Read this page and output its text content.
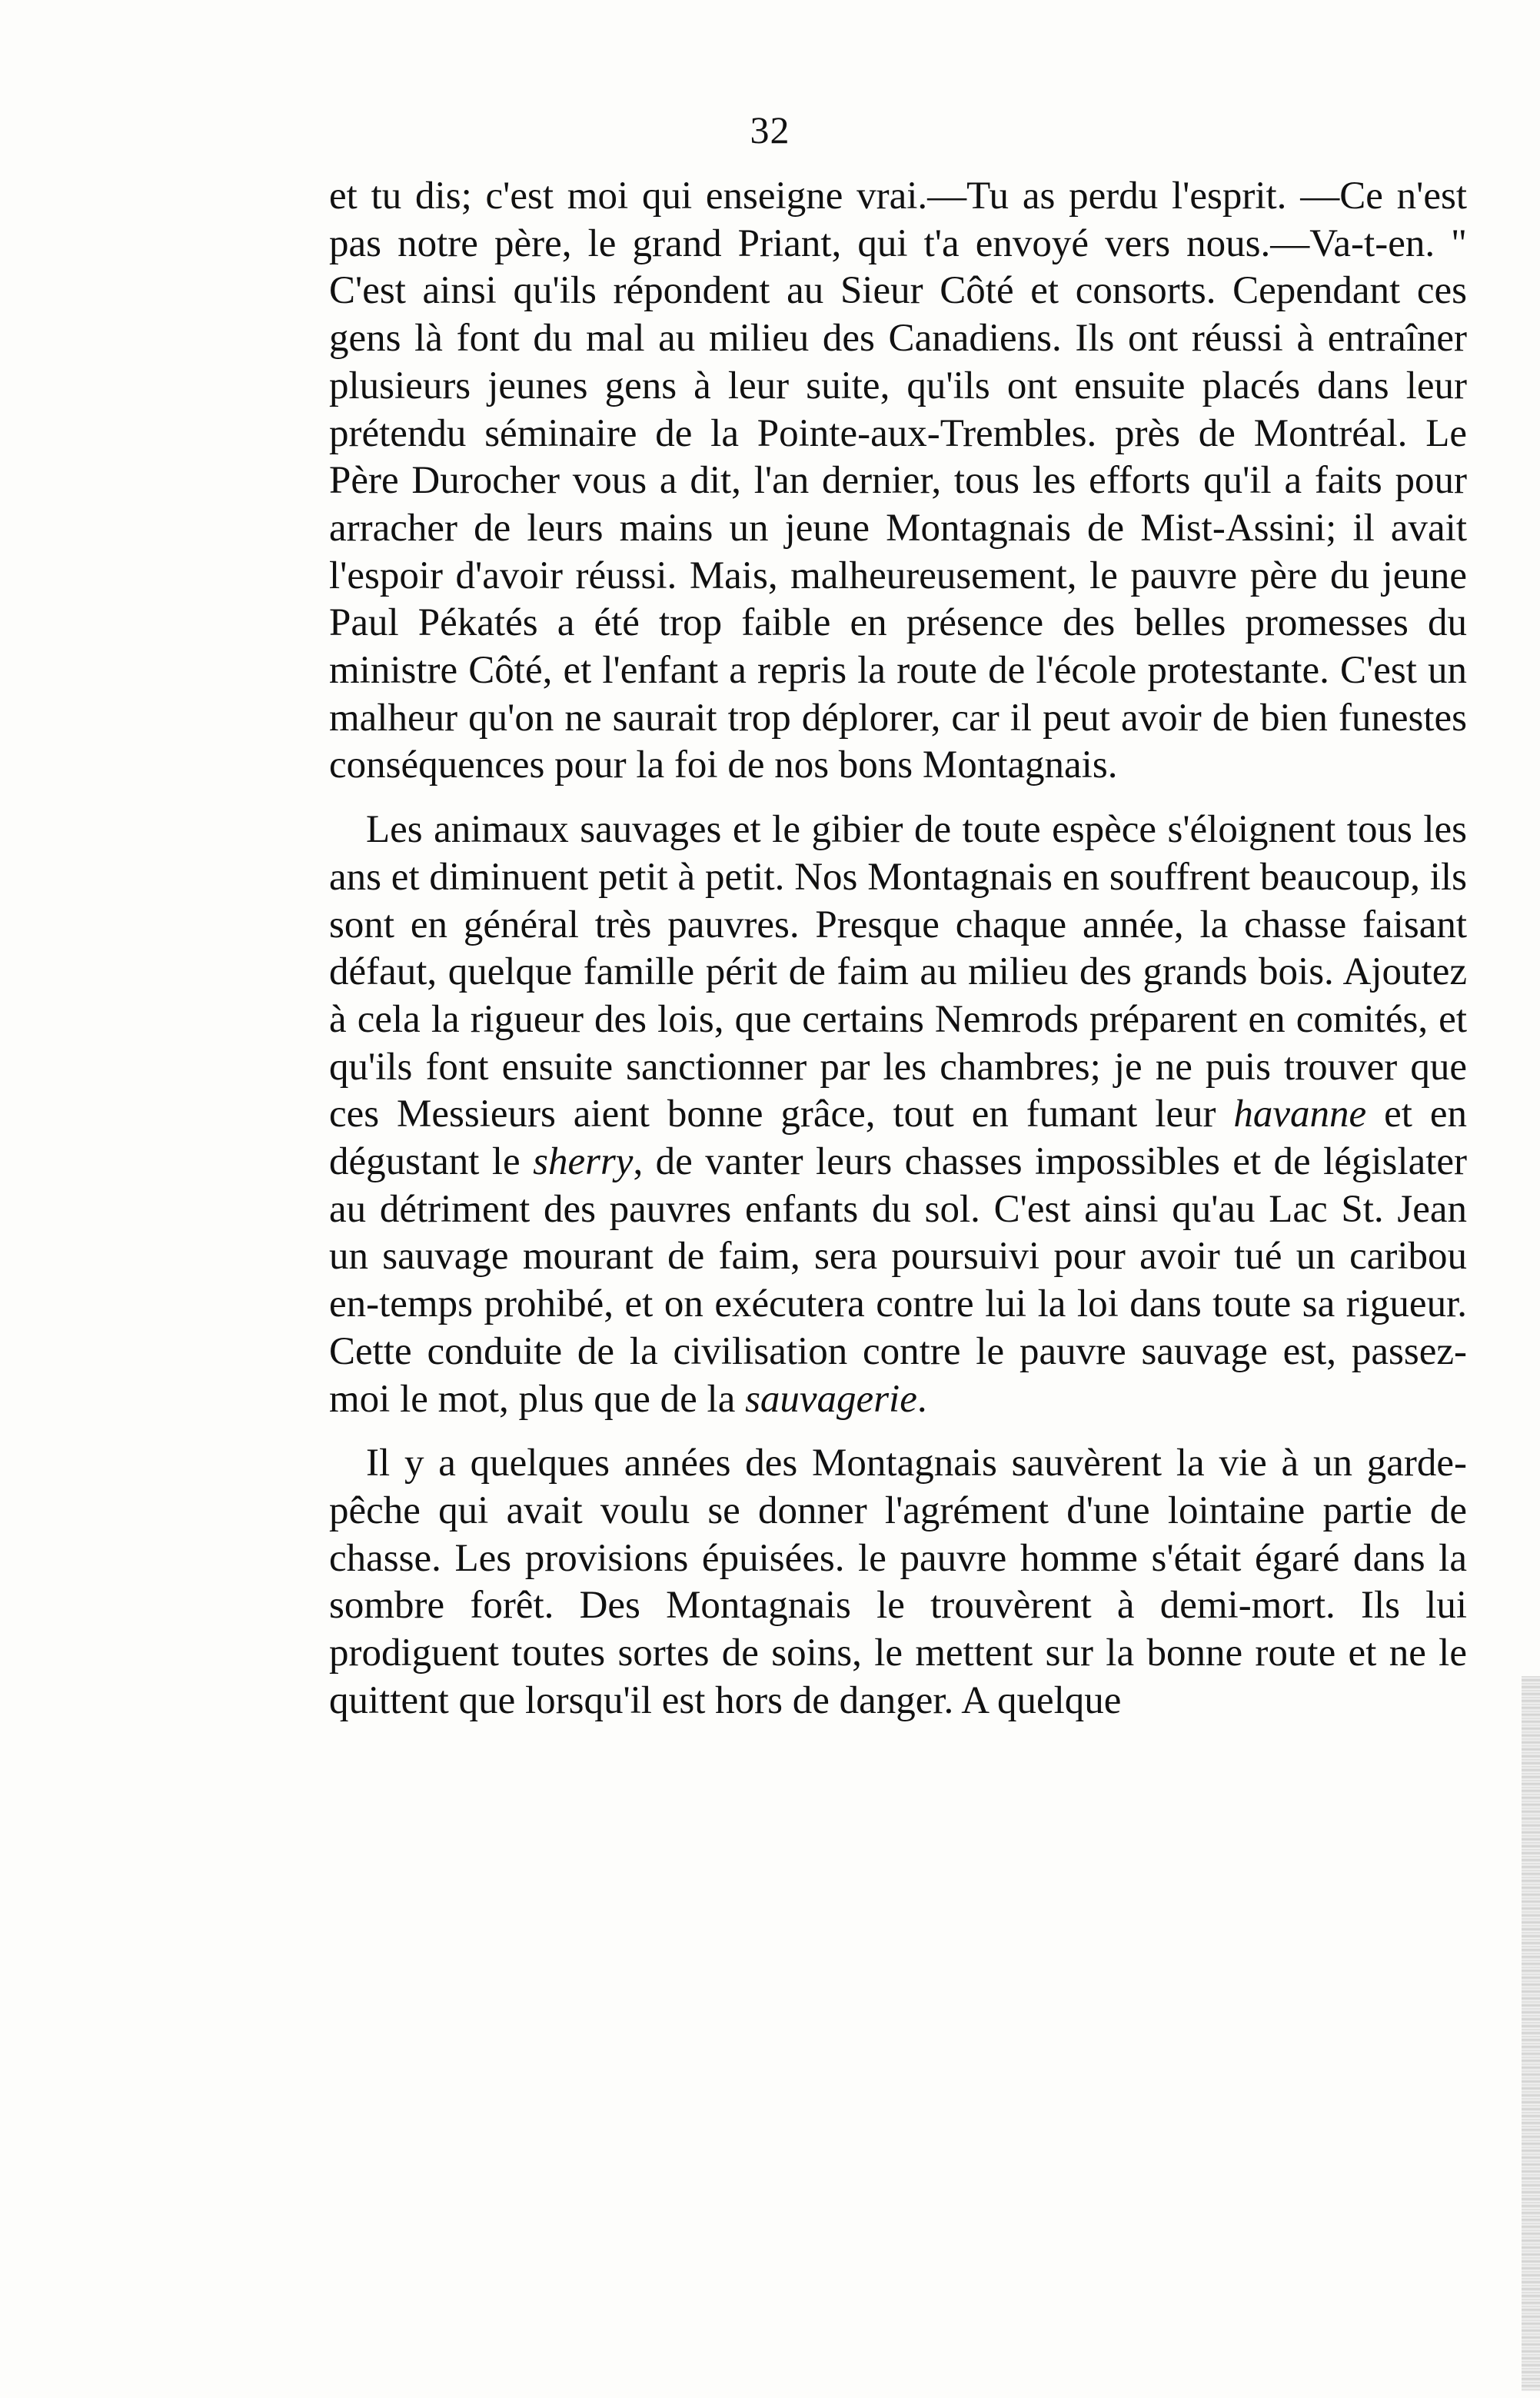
32

et tu dis; c'est moi qui enseigne vrai.—Tu as perdu l'esprit. —Ce n'est pas notre père, le grand Priant, qui t'a envoyé vers nous.—Va-t-en. " C'est ainsi qu'ils répondent au Sieur Côté et consorts. Cependant ces gens là font du mal au milieu des Canadiens. Ils ont réussi à entraîner plusieurs jeunes gens à leur suite, qu'ils ont ensuite placés dans leur prétendu séminaire de la Pointe-aux-Trembles. près de Montréal. Le Père Durocher vous a dit, l'an dernier, tous les efforts qu'il a faits pour arracher de leurs mains un jeune Montagnais de Mist-Assini; il avait l'espoir d'avoir réussi. Mais, malheureusement, le pauvre père du jeune Paul Pékatés a été trop faible en présence des belles promesses du ministre Côté, et l'enfant a repris la route de l'école protestante. C'est un malheur qu'on ne saurait trop déplorer, car il peut avoir de bien funestes conséquences pour la foi de nos bons Montagnais.

Les animaux sauvages et le gibier de toute espèce s'éloignent tous les ans et diminuent petit à petit. Nos Montagnais en souffrent beaucoup, ils sont en général très pauvres. Presque chaque année, la chasse faisant défaut, quelque famille périt de faim au milieu des grands bois. Ajoutez à cela la rigueur des lois, que certains Nemrods préparent en comités, et qu'ils font ensuite sanctionner par les chambres; je ne puis trouver que ces Messieurs aient bonne grâce, tout en fumant leur havanne et en dégustant le sherry, de vanter leurs chasses impossibles et de législater au détriment des pauvres enfants du sol. C'est ainsi qu'au Lac St. Jean un sauvage mourant de faim, sera poursuivi pour avoir tué un caribou en-temps prohibé, et on exécutera contre lui la loi dans toute sa rigueur. Cette conduite de la civilisation contre le pauvre sauvage est, passez-moi le mot, plus que de la sauvagerie.

Il y a quelques années des Montagnais sauvèrent la vie à un garde-pêche qui avait voulu se donner l'agrément d'une lointaine partie de chasse. Les provisions épuisées. le pauvre homme s'était égaré dans la sombre forêt. Des Montagnais le trouvèrent à demi-mort. Ils lui prodiguent toutes sortes de soins, le mettent sur la bonne route et ne le quittent que lorsqu'il est hors de danger. A quelque
